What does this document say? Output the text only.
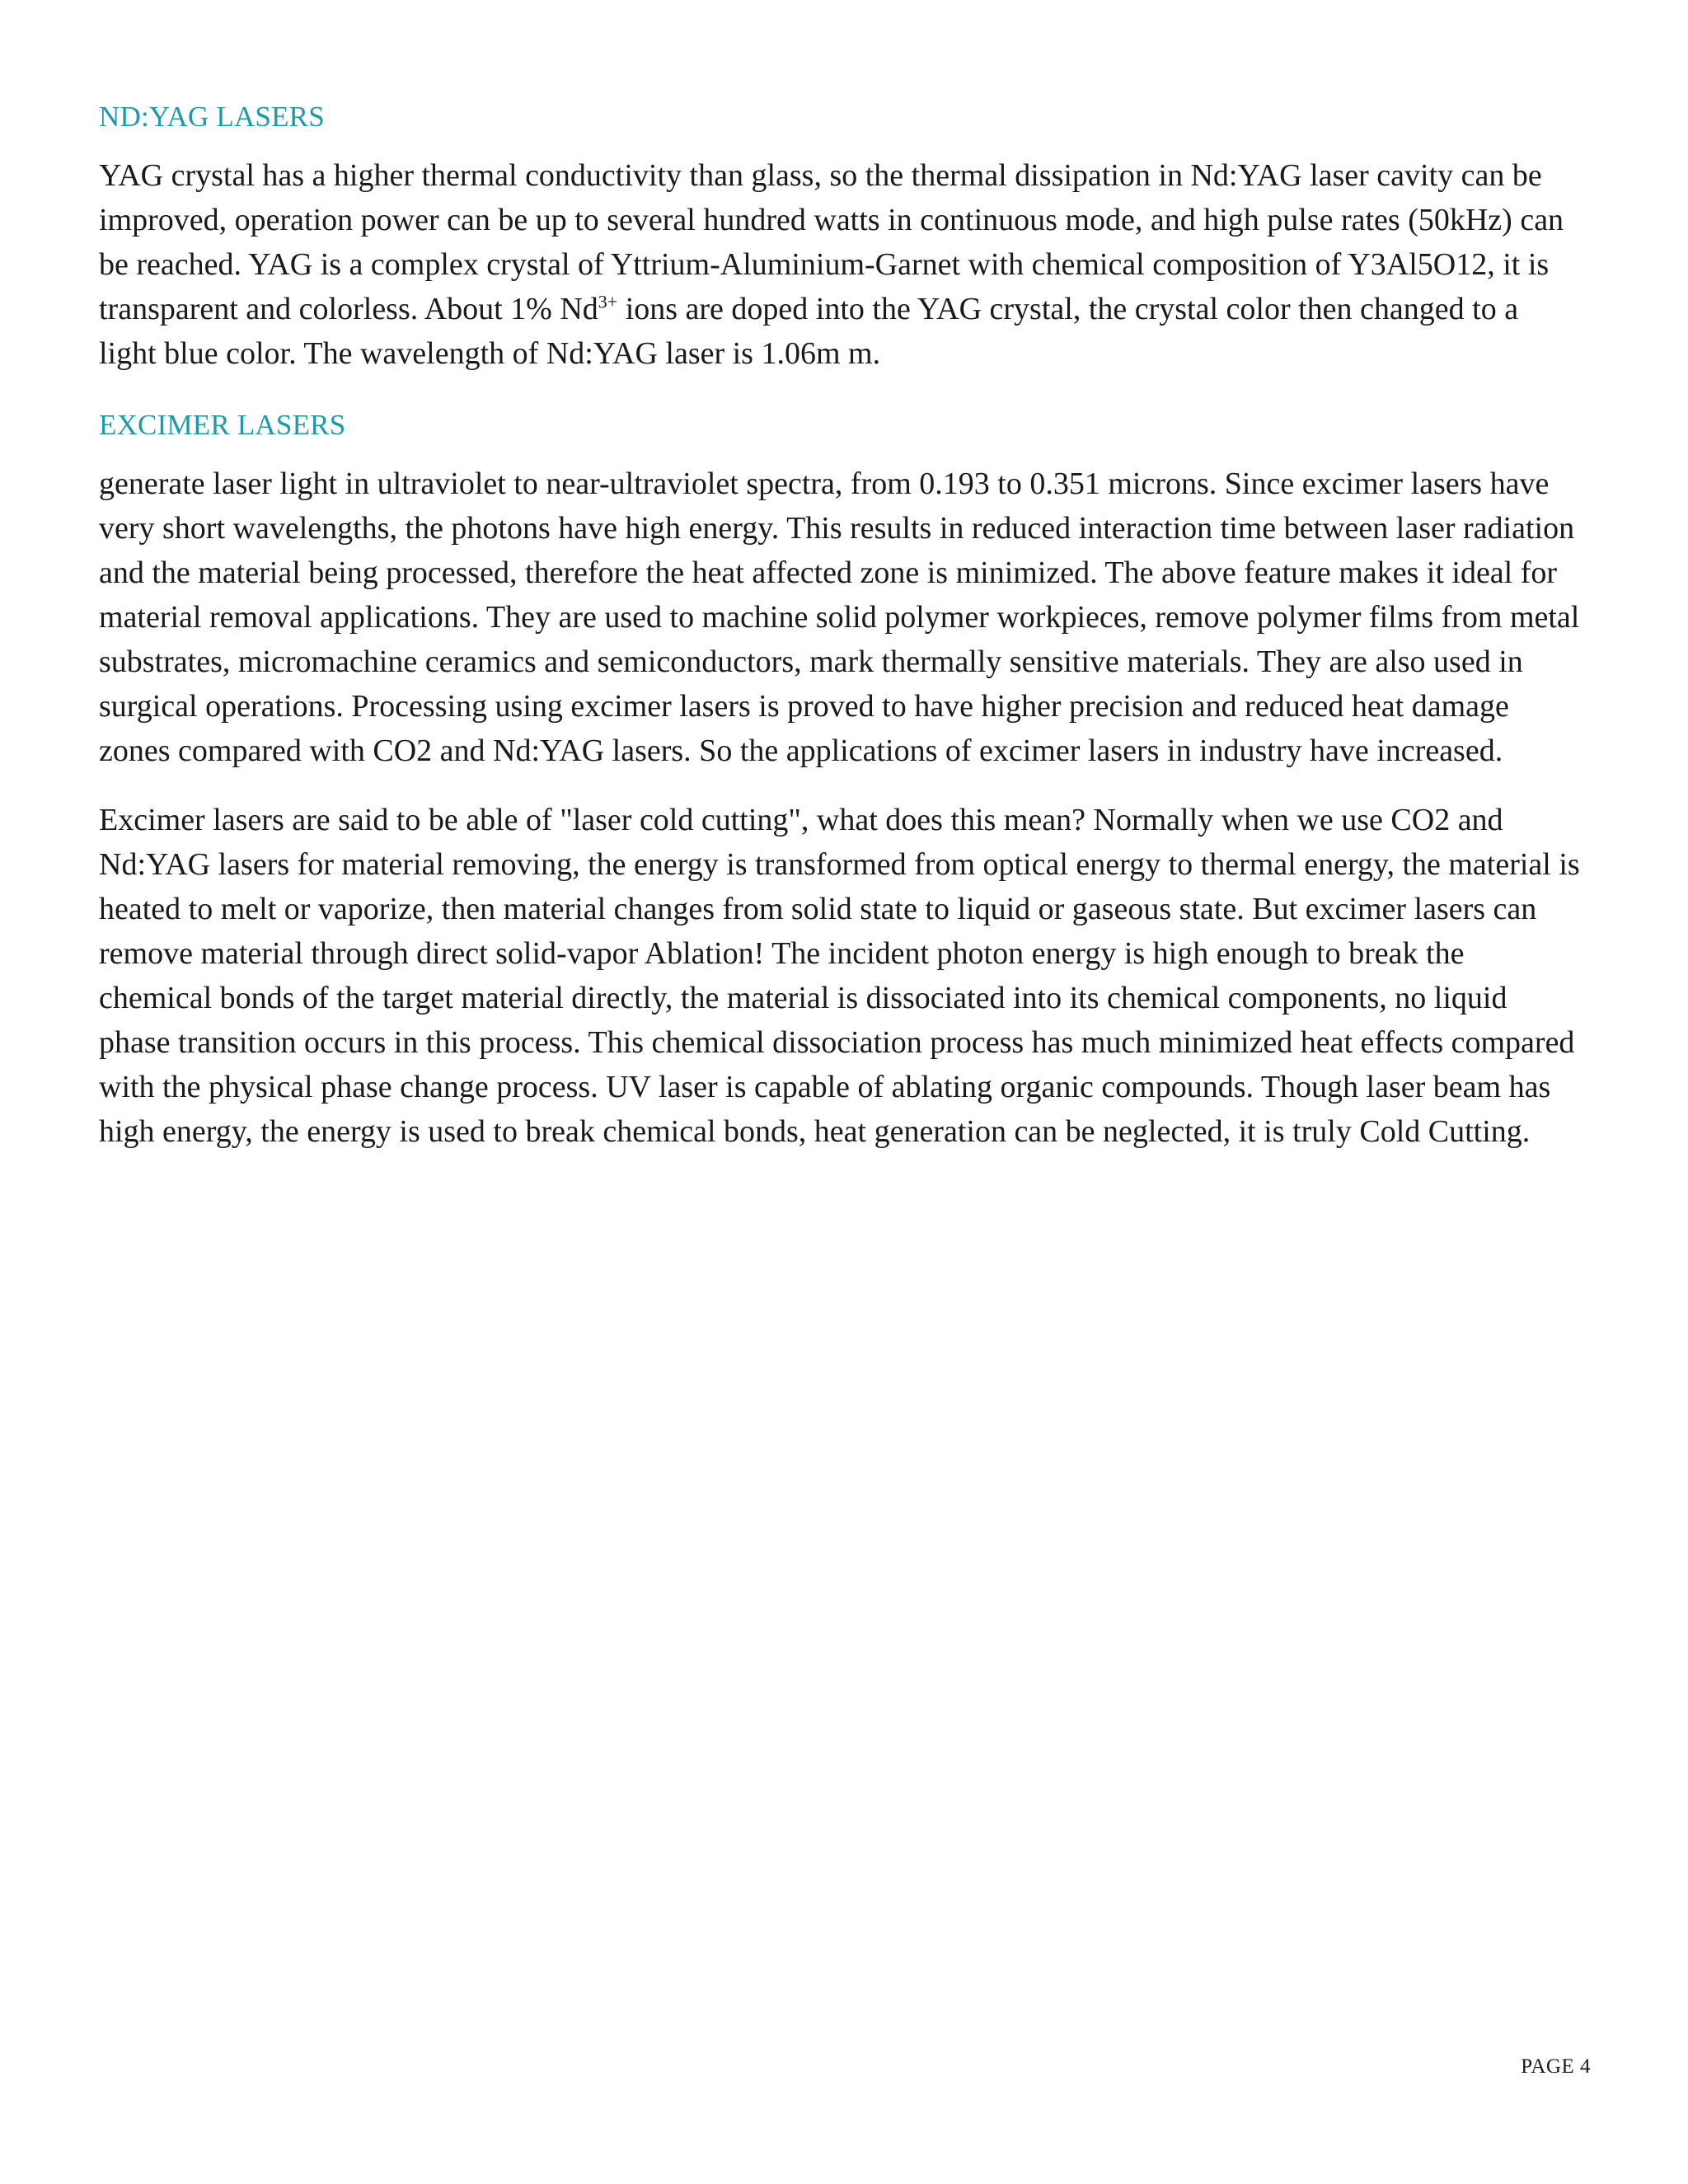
ND:YAG LASERS

YAG crystal has a higher thermal conductivity than glass, so the thermal dissipation in Nd:YAG laser cavity can be improved, operation power can be up to several hundred watts in continuous mode, and high pulse rates (50kHz) can be reached. YAG is a complex crystal of Yttrium-Aluminium-Garnet with chemical composition of Y3Al5O12, it is transparent and colorless. About 1% $Nd^{3+}$ ions are doped into the YAG crystal, the crystal color then changed to a light blue color. The wavelength of Nd:YAG laser is 1.06m m.

EXCIMER LASERS

generate laser light in ultraviolet to near-ultraviolet spectra, from 0.193 to 0.351 microns. Since excimer lasers have very short wavelengths, the photons have high energy. This results in reduced interaction time between laser radiation and the material being processed, therefore the heat affected zone is minimized. The above feature makes it ideal for material removal applications. They are used to machine solid polymer workpieces, remove polymer films from metal substrates, micromachine ceramics and semiconductors, mark thermally sensitive materials. They are also used in surgical operations. Processing using excimer lasers is proved to have higher precision and reduced heat damage zones compared with CO2 and Nd:YAG lasers. So the applications of excimer lasers in industry have increased.

Excimer lasers are said to be able of "laser cold cutting", what does this mean? Normally when we use CO2 and Nd:YAG lasers for material removing, the energy is transformed from optical energy to thermal energy, the material is heated to melt or vaporize, then material changes from solid state to liquid or gaseous state. But excimer lasers can remove material through direct solid-vapor Ablation! The incident photon energy is high enough to break the chemical bonds of the target material directly, the material is dissociated into its chemical components, no liquid phase transition occurs in this process. This chemical dissociation process has much minimized heat effects compared with the physical phase change process. UV laser is capable of ablating organic compounds. Though laser beam has high energy, the energy is used to break chemical bonds, heat generation can be neglected, it is truly Cold Cutting.

PAGE 4
